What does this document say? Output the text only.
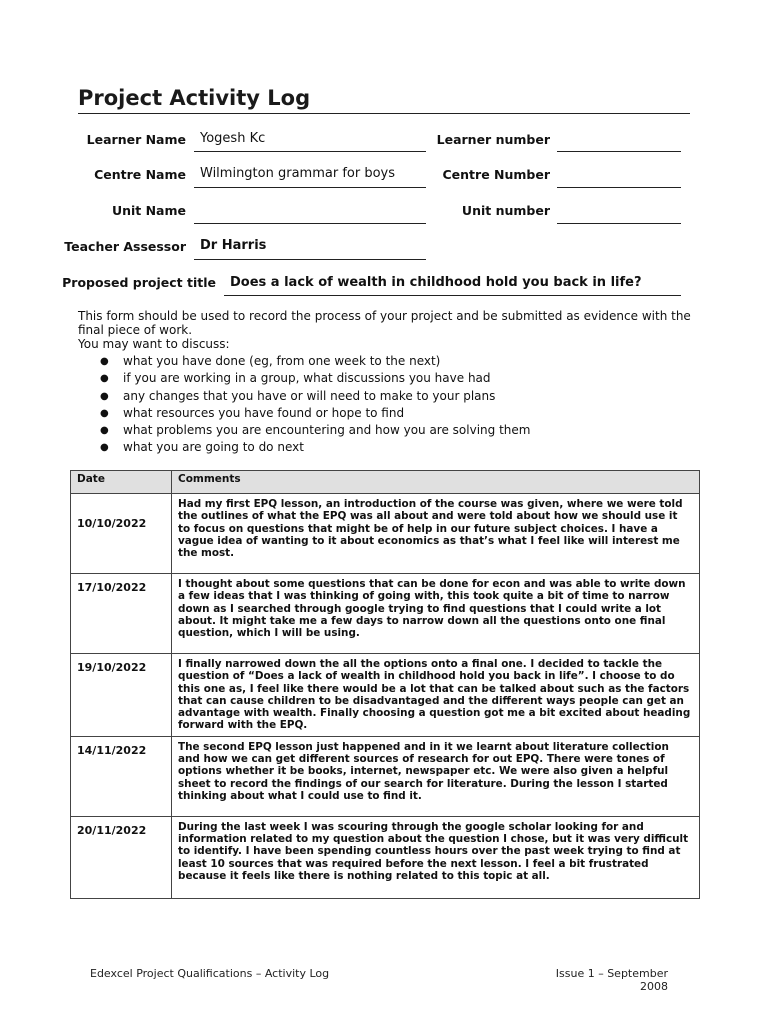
Project Activity Log
Learner Name Yogesh Kc	Learner number
Centre Name Wilmington grammar for boys	Centre Number
Unit Name	Unit number
Teacher Assessor Dr Harris
Proposed project title Does a lack of wealth in childhood hold you back in life?
This form should be used to record the process of your project and be submitted as evidence with the final piece of work.
You may want to discuss:
● what you have done (eg, from one week to the next)
● if you are working in a group, what discussions you have had
● any changes that you have or will need to make to your plans
● what resources you have found or hope to find
● what problems you are encountering and how you are solving them
● what you are going to do next
Date	Comments
10/10/2022	Had my first EPQ lesson, an introduction of the course was given, where we were told the outlines of what the EPQ was all about and were told about how we should use it to focus on questions that might be of help in our future subject choices. I have a vague idea of wanting to it about economics as that’s what I feel like will interest me the most.
17/10/2022	I thought about some questions that can be done for econ and was able to write down a few ideas that I was thinking of going with, this took quite a bit of time to narrow down as I searched through google trying to find questions that I could write a lot about. It might take me a few days to narrow down all the questions onto one final question, which I will be using.
19/10/2022	I finally narrowed down the all the options onto a final one. I decided to tackle the question of “Does a lack of wealth in childhood hold you back in life”. I choose to do this one as, I feel like there would be a lot that can be talked about such as the factors that can cause children to be disadvantaged and the different ways people can get an advantage with wealth. Finally choosing a question got me a bit excited about heading forward with the EPQ.
14/11/2022	The second EPQ lesson just happened and in it we learnt about literature collection and how we can get different sources of research for out EPQ. There were tones of options whether it be books, internet, newspaper etc. We were also given a helpful sheet to record the findings of our search for literature. During the lesson I started thinking about what I could use to find it.
20/11/2022	During the last week I was scouring through the google scholar looking for and information related to my question about the question I chose, but it was very difficult to identify. I have been spending countless hours over the past week trying to find at least 10 sources that was required before the next lesson. I feel a bit frustrated because it feels like there is nothing related to this topic at all.
Edexcel Project Qualifications – Activity Log	Issue 1 – September 2008
